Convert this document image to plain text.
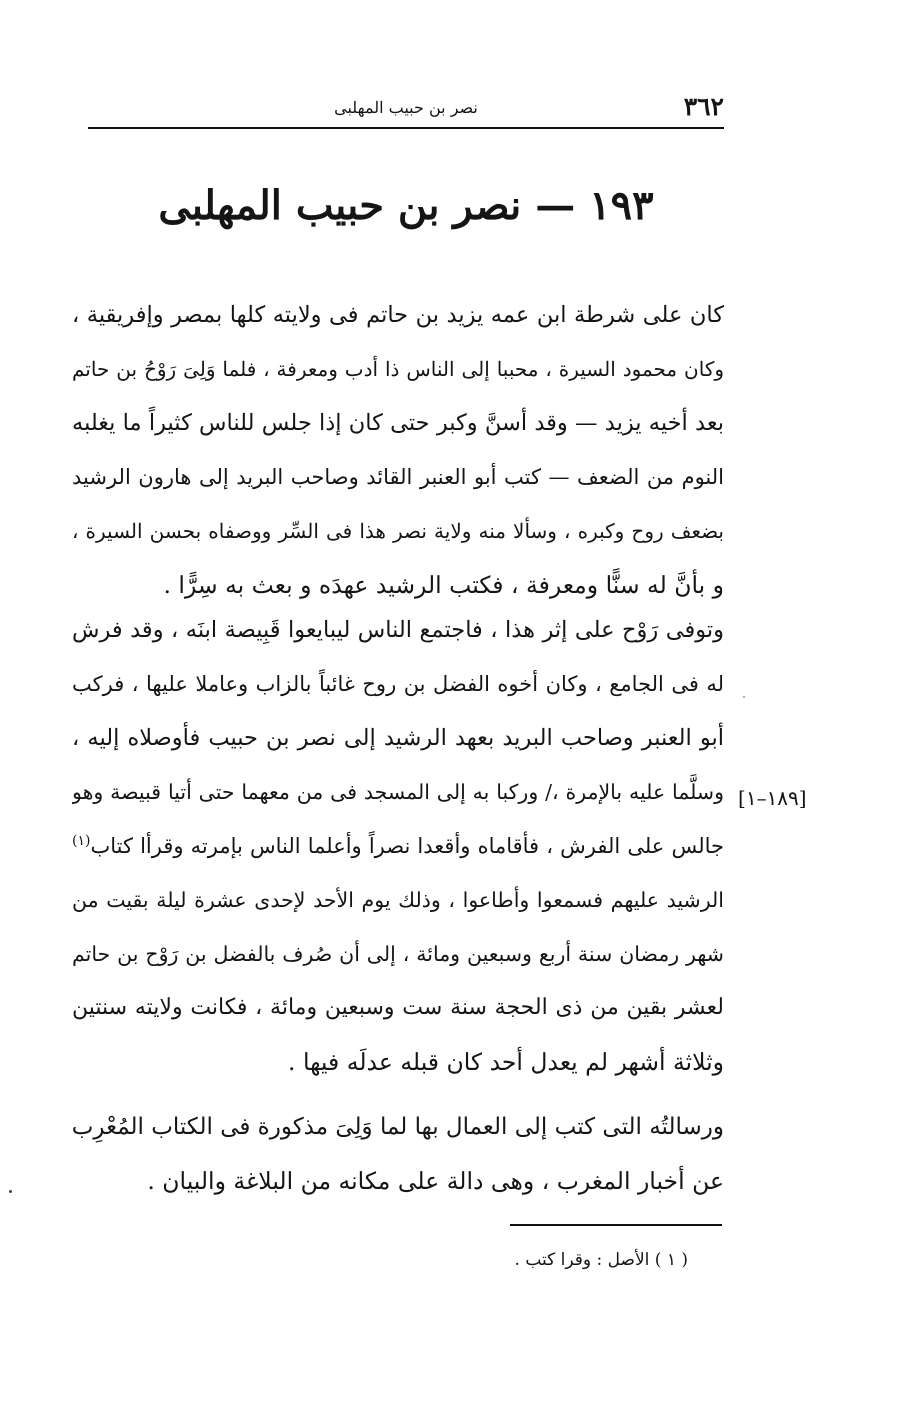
٣٦٢
نصر بن حبيب المهلبى
١٩٣ — نصر بن حبيب المهلبى
كان على شرطة ابن عمه يزيد بن حاتم فى ولايته كلها بمصر وإفريقية ،
وكان محمود السيرة ، محببا إلى الناس ذا أدب ومعرفة ، فلما وَلِىَ رَوْحُ بن حاتم
بعد أخيه يزيد — وقد أسنَّ وكبر حتى كان إذا جلس للناس كثيراً ما يغلبه
النوم من الضعف — كتب أبو العنبر القائد وصاحب البريد إلى هارون الرشيد
بضعف روح وكبره ، وسألا منه ولاية نصر هذا فى السِّر ووصفاه بحسن السيرة ،
و بأنَّ له سنًّا ومعرفة ، فكتب الرشيد عهدَه و بعث به سِرًّا .
وتوفى رَوْح على إثر هذا ، فاجتمع الناس ليبايعوا قَبِيصة ابنَه ، وقد فرش
له فى الجامع ، وكان أخوه الفضل بن روح غائباً بالزاب وعاملا عليها ، فركب
أبو العنبر وصاحب البريد بعهد الرشيد إلى نصر بن حبيب فأوصلاه إليه ،
وسلَّما عليه بالإمرة ،/ وركبا به إلى المسجد فى من معهما حتى أتيا قبيصة وهو
جالس على الفرش ، فأقاماه وأقعدا نصراً وأعلما الناس بإمرته وقرأا كتاب$^{(١)}$
الرشيد عليهم فسمعوا وأطاعوا ، وذلك يوم الأحد لإحدى عشرة ليلة بقيت من
شهر رمضان سنة أربع وسبعين ومائة ، إلى أن صُرف بالفضل بن رَوْح بن حاتم
لعشر بقين من ذى الحجة سنة ست وسبعين ومائة ، فكانت ولايته سنتين
وثلاثة أشهر لم يعدل أحد كان قبله عدلَه فيها .
[١٨٩–١]
ورسالتُه التى كتب إلى العمال بها لما وَلِىَ مذكورة فى الكتاب المُعْرِب
عن أخبار المغرب ، وهى دالة على مكانه من البلاغة والبيان .
( ١ ) الأصل : وقرا كتب .
